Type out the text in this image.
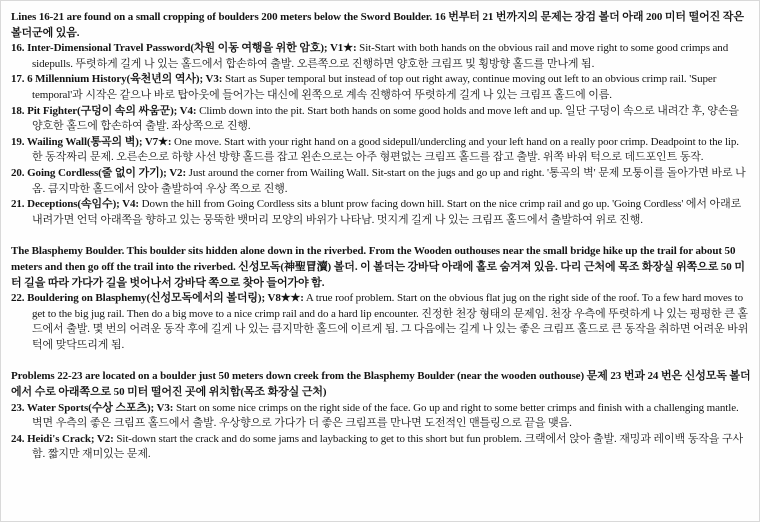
Lines 16-21 are found on a small cropping of boulders 200 meters below the Sword Boulder. 16 번부터 21 번까지의 문제는 장검 볼더 아래 200 미터 떨어진 작은 볼더군에 있음.

16. Inter-Dimensional Travel Password(차원 이동 여행을 위한 암호); V1★: Sit-Start with both hands on the obvious rail and move right to some good crimps and sidepulls. 뚜렷하게 길게 나 있는 홀드에서 합손하여 출발. 오른쪽으로 진행하면 양호한 크림프 및 횡방향 홀드를 만나게 됨.
17. 6 Millennium History(육천년의 역사); V3: Start as Super temporal but instead of top out right away, continue moving out left to an obvious crimp rail. 'Super temporal'과 시작은 같으나 바로 탑아웃에 들어가는 대신에 왼쪽으로 계속 진행하여 뚜렷하게 길게 나 있는 크림프 홀드에 이름.
18. Pit Fighter(구덩이 속의 싸움꾼); V4: Climb down into the pit. Start both hands on some good holds and move left and up. 일단 구덩이 속으로 내려간 후, 양손을 양호한 홀드에 합손하여 출발. 좌상쪽으로 진행.
19. Wailing Wall(통곡의 벽); V7★: One move. Start with your right hand on a good sidepull/undercling and your left hand on a really poor crimp. Deadpoint to the lip. 한 동작짜리 문제. 오른손으로 하향 사선 방향 홀드를 잡고 왼손으로는 아주 형편없는 크림프 홀드를 잡고 출발. 위쪽 바위 턱으로 데드포인트 동작.
20. Going Cordless(줄 없이 가기); V2: Just around the corner from Wailing Wall. Sit-start on the jugs and go up and right. '통곡의 벽' 문제 모퉁이를 돌아가면 바로 나옴. 큼지막한 홀드에서 앉아 출발하여 우상 쪽으로 진행.
21. Deceptions(속임수); V4: Down the hill from Going Cordless sits a blunt prow facing down hill. Start on the nice crimp rail and go up. 'Going Cordless' 에서 아래로 내려가면 언덕 아래쪽을 향하고 있는 뭉뚝한 뱃머리 모양의 바위가 나타남. 멋지게 길게 나 있는 크림프 홀드에서 출발하여 위로 진행.

The Blasphemy Boulder. This boulder sits hidden alone down in the riverbed. From the Wooden outhouses near the small bridge hike up the trail for about 50 meters and then go off the trail into the riverbed. 신성모독(神聖冒瀆) 볼더. 이 볼더는 강바닥 아래에 홀로 숨겨져 있음. 다리 근처에 목조 화장실 위쪽으로 50 미터 길을 따라 가다가 길을 벗어나서 강바닥 쪽으로 찾아 들어가야 함.

22. Bouldering on Blasphemy(신성모독에서의 볼더링); V8★★: A true roof problem. Start on the obvious flat jug on the right side of the roof. To a few hard moves to get to the big jug rail. Then do a big move to a nice crimp rail and do a hard lip encounter. 진정한 천장 형태의 문제임. 천장 우측에 뚜렷하게 나 있는 평평한 큰 홀드에서 출발. 몇 번의 어려운 동작 후에 길게 나 있는 큼지막한 홀드에 이르게 됨. 그 다음에는 길게 나 있는 좋은 크림프 홀드로 큰 동작을 취하면 어려운 바위턱에 맞닥뜨리게 됨.

Problems 22-23 are located on a boulder just 50 meters down creek from the Blasphemy Boulder (near the wooden outhouse) 문제 23 번과 24 번은 신성모독 볼더에서 수로 아래쪽으로 50 미터 떨어진 곳에 위치함(목조 화장실 근처)

23. Water Sports(수상 스포츠); V3: Start on some nice crimps on the right side of the face. Go up and right to some better crimps and finish with a challenging mantle. 벽면 우측의 좋은 크림프 홀드에서 출발. 우상향으로 가다가 더 좋은 크림프를 만나면 도전적인 맨틀링으로 끝을 맺음.
24. Heidi's Crack; V2: Sit-down start the crack and do some jams and laybacking to get to this short but fun problem. 크랙에서 앉아 출발. 재밍과 레이백 동작을 구사함. 짧지만 재미있는 문제.
